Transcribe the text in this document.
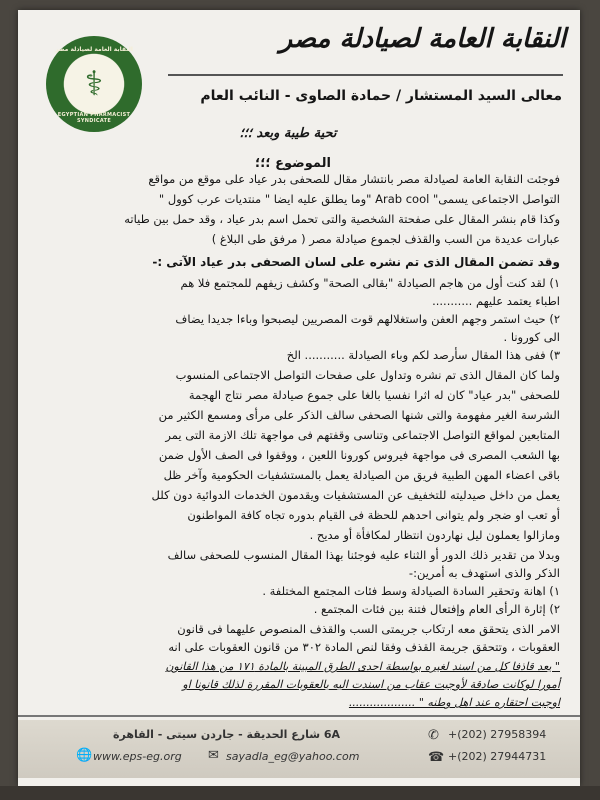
النقابة العامة لصيادلة مصر
⚕
EGYPTIAN PHARMACIST SYNDICATE
النقابة العامة لصيادلة مصر
معالى السيد المستشار / حمادة الصاوى - النائب العام
تحية طيبة وبعد ؛؛؛
الموضوع ؛؛؛
فوجئت النقابة العامة لصيادلة مصر بانتشار مقال للصحفى بدر عياد على موقع من مواقع
التواصل الاجتماعى يسمى" Arab cool "وما يطلق عليه ايضا " منتديات عرب كوول "
وكذا قام بنشر المقال على صفحتة الشخصية والتى تحمل اسم بدر عياد ، وقد حمل بين طياته
عبارات عديدة من السب والقذف لجموع صيادلة مصر ( مرفق طى البلاغ )
وقد تضمن المقال الذى تم نشره على لسان الصحفى بدر عياد الآتى :-
١) لقد كنت أول من هاجم الصيادلة "بقالى الصحة" وكشف زيفهم للمجتمع فلا هم
اطباء يعتمد عليهم ...........
٢) حيث استمر وجهم العفن واستغلالهم قوت المصريين ليصبحوا وباءا جديدا يضاف
الى كورونا .
٣) ففى هذا المقال سأرصد لكم وباء الصيادلة ........... الخ
ولما كان المقال الذى تم نشره وتداول على صفحات التواصل الاجتماعى المنسوب
للصحفى "بدر عياد" كان له اثرا نفسيا بالغا على جموع صيادلة مصر نتاج الهجمة
الشرسة الغير مفهومة والتى شنها الصحفى سالف الذكر على مرأى ومسمع الكثير من
المتابعين لمواقع التواصل الاجتماعى وتناسى وقفتهم فى مواجهة تلك الازمة التى يمر
بها الشعب المصرى فى مواجهة فيروس كورونا اللعين ، ووقفوا فى الصف الأول ضمن
باقى اعضاء المهن الطبية فريق من الصيادلة يعمل بالمستشفيات الحكومية وآخر ظل
يعمل من داخل صيدليته للتخفيف عن المستشفيات ويقدمون الخدمات الدوائية دون كلل
أو تعب او ضجر ولم يتوانى احدهم للحظة فى القيام بدوره تجاه كافة المواطنون
ومازالوا يعملون ليل نهاردون انتظار لمكافأة أو مديح .
وبدلا من تقدير ذلك الدور أو الثناء عليه فوجئنا بهذا المقال المنسوب للصحفى سالف
الذكر والذى استهدف به أمرين:-
١) اهانة وتحقير السادة الصيادلة وسط فئات المجتمع المختلفة .
٢) إثارة الرأى العام وإفتعال فتنة بين فئات المجتمع .
الامر الذى يتحقق معه ارتكاب جريمتى السب والقذف المنصوص عليهما فى قانون
العقوبات ، وتتحقق جريمة القذف وفقا لنص المادة ٣٠٢ من قانون العقوبات على انه
" يعد قاذفا كل من اسند لغيره بواسطة احدى الطرق المبينة بالمادة ١٧١ من هذا القانون
أمورا لوكانت صادقة لأوجبت عقاب من اسندت اليه بالعقوبات المقررة لذلك قانونا او
اوجبت احتقاره عند اهل وطنه " ...................
6A شارع الحديقة - جاردن سيتى - القاهرة
🌐 www.eps-eg.org ✉ sayadla_eg@yahoo.com
✆ +(202) 27958394
☎ +(202) 27944731
